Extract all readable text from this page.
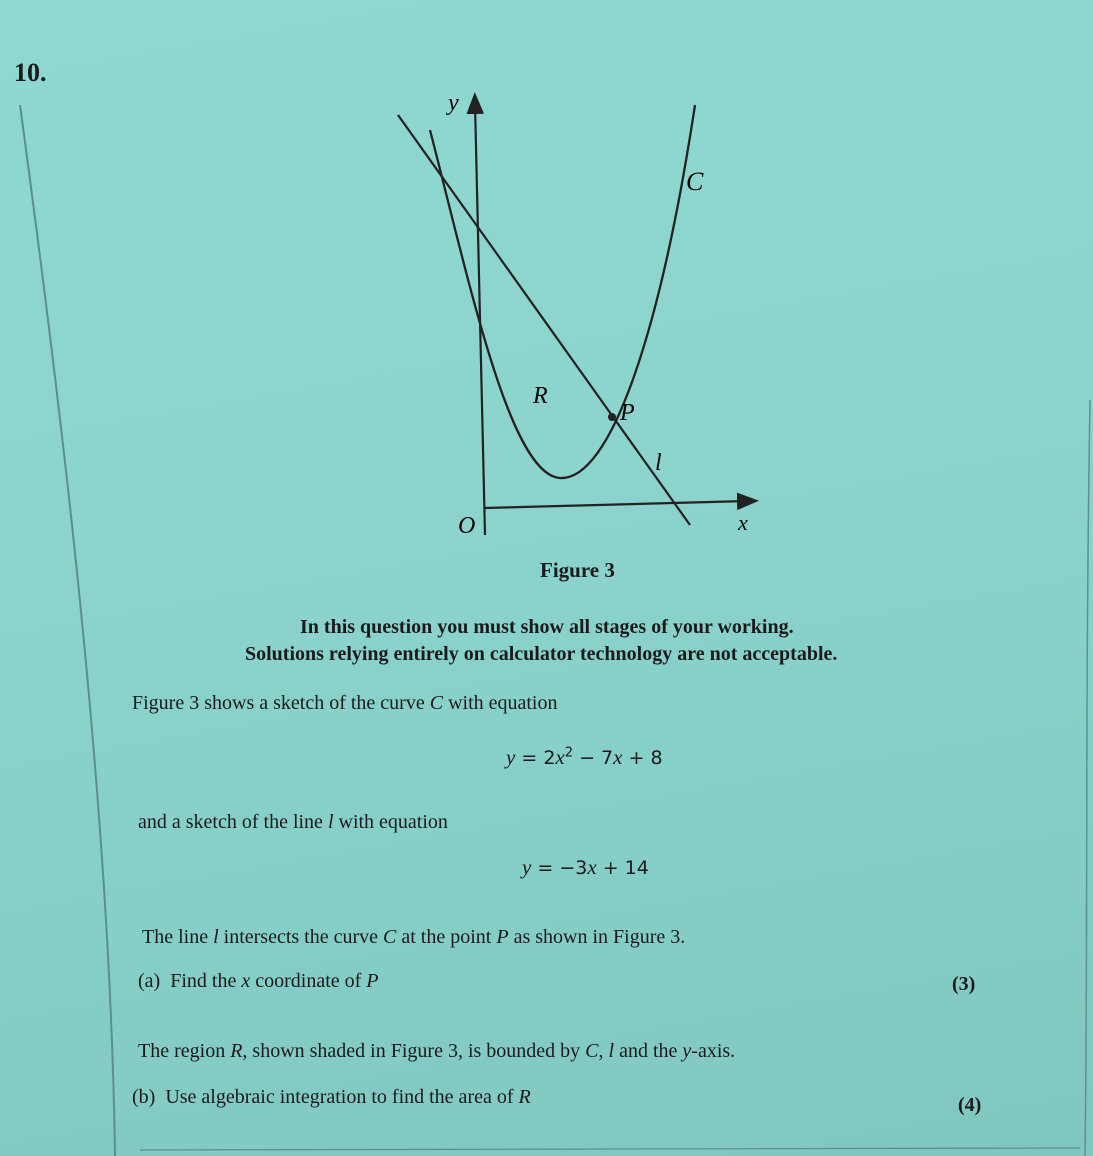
10.
y
x
O
C
l
R
P
Figure 3
In this question you must show all stages of your working.
Solutions relying entirely on calculator technology are not acceptable.
Figure 3 shows a sketch of the curve C with equation
$y = 2x^2 - 7x + 8$
and a sketch of the line l with equation
y = −3x + 14
The line l intersects the curve C at the point P as shown in Figure 3.
(a) Find the x coordinate of P	(3)
The region R, shown shaded in Figure 3, is bounded by C, l and the y-axis.
(b) Use algebraic integration to find the area of R	(4)
